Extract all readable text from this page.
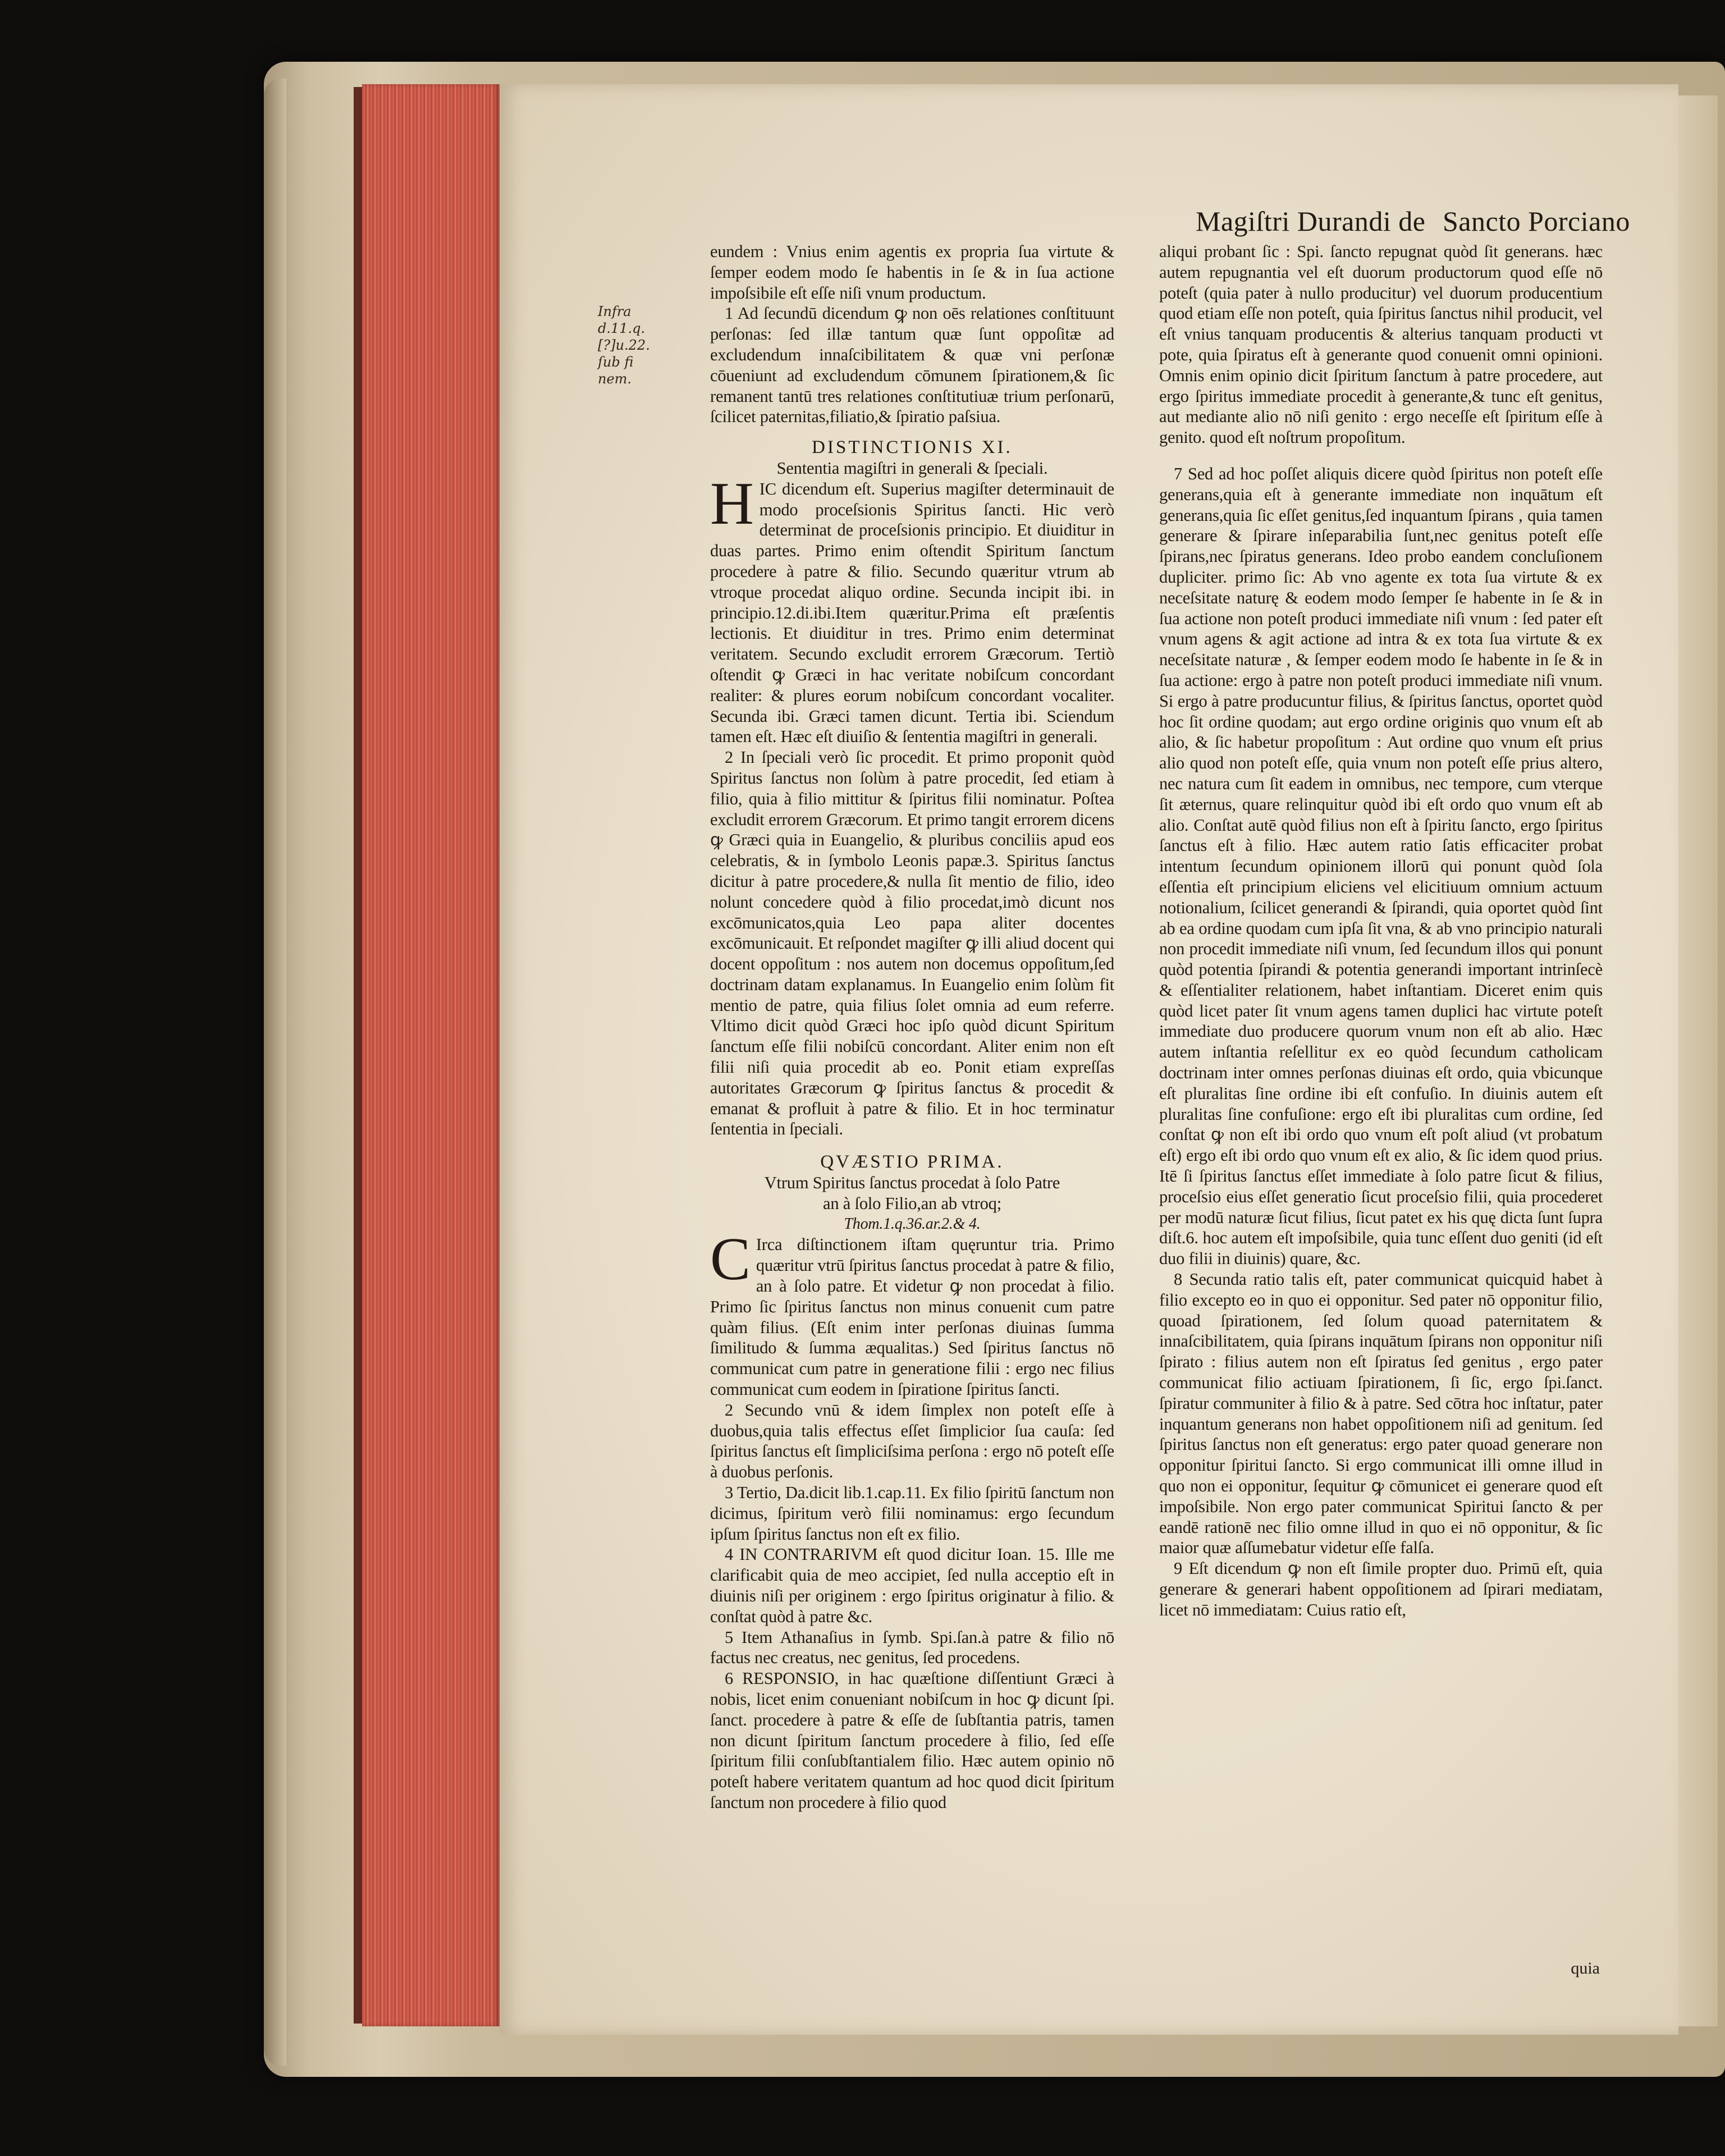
Magiſtri Durandi de Sancto Porciano
Infra d.11.q. [?]u.22. ſub fi nem.

eundem : Vnius enim agentis ex propria ſua virtute & ſemper eodem modo ſe habentis in ſe & in ſua actione impoſsibile eſt eſſe niſi vnum productum.

1 Ad ſecundū dicendum ꝙ non oēs relationes conſtituunt perſonas: ſed illæ tantum quæ ſunt oppoſitæ ad excludendum innaſcibilitatem & quæ vni perſonæ cōueniunt ad excludendum cōmunem ſpirationem,& ſic remanent tantū tres relationes conſtitutiuæ trium perſonarū, ſcilicet paternitas,filiatio,& ſpiratio paſsiua.

DISTINCTIONIS XI.
Sententia magiſtri in generali & ſpeciali.

HIC dicendum eſt. Superius magiſter determinauit de modo proceſsionis Spiritus ſancti. Hic verò determinat de proceſsionis principio. Et diuiditur in duas partes. Primo enim oſtendit Spiritum ſanctum procedere à patre & filio. Secundo quæritur vtrum ab vtroque procedat aliquo ordine. Secunda incipit ibi. in principio.12.di.ibi.Item quæritur.Prima eſt præſentis lectionis. Et diuiditur in tres. Primo enim determinat veritatem. Secundo excludit errorem Græcorum. Tertiò oſtendit ꝙ Græci in hac veritate nobiſcum concordant realiter: & plures eorum nobiſcum concordant vocaliter. Secunda ibi. Græci tamen dicunt. Tertia ibi. Sciendum tamen eſt. Hæc eſt diuiſio & ſententia magiſtri in generali.

2 In ſpeciali verò ſic procedit. Et primo proponit quòd Spiritus ſanctus non ſolùm à patre procedit, ſed etiam à filio, quia à filio mittitur & ſpiritus filii nominatur. Poſtea excludit errorem Græcorum. Et primo tangit errorem dicens ꝙ Græci quia in Euangelio, & pluribus conciliis apud eos celebratis, & in ſymbolo Leonis papæ.3. Spiritus ſanctus dicitur à patre procedere,& nulla ſit mentio de filio, ideo nolunt concedere quòd à filio procedat,imò dicunt nos excōmunicatos,quia Leo papa aliter docentes excōmunicauit. Et reſpondet magiſter ꝙ illi aliud docent qui docent oppoſitum : nos autem non docemus oppoſitum,ſed doctrinam datam explanamus. In Euangelio enim ſolùm fit mentio de patre, quia filius ſolet omnia ad eum referre. Vltimo dicit quòd Græci hoc ipſo quòd dicunt Spiritum ſanctum eſſe filii nobiſcū concordant. Aliter enim non eſt filii niſi quia procedit ab eo. Ponit etiam expreſſas autoritates Græcorum ꝙ ſpiritus ſanctus & procedit & emanat & profluit à patre & filio. Et in hoc terminatur ſententia in ſpeciali.

QVÆSTIO PRIMA.
Vtrum Spiritus ſanctus procedat à ſolo Patre
an à ſolo Filio,an ab vtroq;
Thom.1.q.36.ar.2.& 4.

C Irca diſtinctionem iſtam quęruntur tria. Primo quæritur vtrū ſpiritus ſanctus procedat à patre & filio, an à ſolo patre. Et videtur ꝙ non procedat à filio. Primo ſic ſpiritus ſanctus non minus conuenit cum patre quàm filius. (Eſt enim inter perſonas diuinas ſumma ſimilitudo & ſumma æqualitas.) Sed ſpiritus ſanctus nō communicat cum patre in generatione filii : ergo nec filius communicat cum eodem in ſpiratione ſpiritus ſancti.

2 Secundo vnū & idem ſimplex non poteſt eſſe à duobus,quia talis effectus eſſet ſimplicior ſua cauſa: ſed ſpiritus ſanctus eſt ſimpliciſsima perſona : ergo nō poteſt eſſe à duobus perſonis.

3 Tertio, Da.dicit lib.1.cap.11. Ex filio ſpiritū ſanctum non dicimus, ſpiritum verò filii nominamus: ergo ſecundum ipſum ſpiritus ſanctus non eſt ex filio.

4 IN CONTRARIVM eſt quod dicitur Ioan. 15. Ille me clarificabit quia de meo accipiet, ſed nulla acceptio eſt in diuinis niſi per originem : ergo ſpiritus originatur à filio. & conſtat quòd à patre &c.

5 Item Athanaſius in ſymb. Spi.ſan.à patre & filio nō factus nec creatus, nec genitus, ſed procedens.

6 RESPONSIO, in hac quæſtione diſſentiunt Græci à nobis, licet enim conueniant nobiſcum in hoc ꝙ dicunt ſpi. ſanct. procedere à patre & eſſe de ſubſtantia patris, tamen non dicunt ſpiritum ſanctum procedere à filio, ſed eſſe ſpiritum filii conſubſtantialem filio. Hæc autem opinio nō poteſt habere veritatem quantum ad hoc quod dicit ſpiritum ſanctum non procedere à filio quod

aliqui probant ſic : Spi. ſancto repugnat quòd ſit generans. hæc autem repugnantia vel eſt duorum productorum quod eſſe nō poteſt (quia pater à nullo producitur) vel duorum producentium quod etiam eſſe non poteſt, quia ſpiritus ſanctus nihil producit, vel eſt vnius tanquam producentis & alterius tanquam producti vt pote, quia ſpiratus eſt à generante quod conuenit omni opinioni. Omnis enim opinio dicit ſpiritum ſanctum à patre procedere, aut ergo ſpiritus immediate procedit à generante,& tunc eſt genitus, aut mediante alio nō niſi genito : ergo neceſſe eſt ſpiritum eſſe à genito. quod eſt noſtrum propoſitum.

7 Sed ad hoc poſſet aliquis dicere quòd ſpiritus non poteſt eſſe generans,quia eſt à generante immediate non inquātum eſt generans,quia ſic eſſet genitus,ſed inquantum ſpirans , quia tamen generare & ſpirare inſeparabilia ſunt,nec genitus poteſt eſſe ſpirans,nec ſpiratus generans. Ideo probo eandem concluſionem dupliciter. primo ſic: Ab vno agente ex tota ſua virtute & ex neceſsitate naturę & eodem modo ſemper ſe habente in ſe & in ſua actione non poteſt produci immediate niſi vnum : ſed pater eſt vnum agens & agit actione ad intra & ex tota ſua virtute & ex neceſsitate naturæ , & ſemper eodem modo ſe habente in ſe & in ſua actione: ergo à patre non poteſt produci immediate niſi vnum. Si ergo à patre producuntur filius, & ſpiritus ſanctus, oportet quòd hoc ſit ordine quodam; aut ergo ordine originis quo vnum eſt ab alio, & ſic habetur propoſitum : Aut ordine quo vnum eſt prius alio quod non poteſt eſſe, quia vnum non poteſt eſſe prius altero, nec natura cum ſit eadem in omnibus, nec tempore, cum vterque ſit æternus, quare relinquitur quòd ibi eſt ordo quo vnum eſt ab alio. Conſtat autē quòd filius non eſt à ſpiritu ſancto, ergo ſpiritus ſanctus eſt à filio. Hæc autem ratio ſatis efficaciter probat intentum ſecundum opinionem illorū qui ponunt quòd ſola eſſentia eſt principium eliciens vel elicitiuum omnium actuum notionalium, ſcilicet generandi & ſpirandi, quia oportet quòd ſint ab ea ordine quodam cum ipſa ſit vna, & ab vno principio naturali non procedit immediate niſi vnum, ſed ſecundum illos qui ponunt quòd potentia ſpirandi & potentia generandi important intrinſecè & eſſentialiter relationem, habet inſtantiam. Diceret enim quis quòd licet pater ſit vnum agens tamen duplici hac virtute poteſt immediate duo producere quorum vnum non eſt ab alio. Hæc autem inſtantia reſellitur ex eo quòd ſecundum catholicam doctrinam inter omnes perſonas diuinas eſt ordo, quia vbicunque eſt pluralitas ſine ordine ibi eſt confuſio. In diuinis autem eſt pluralitas ſine confuſione: ergo eſt ibi pluralitas cum ordine, ſed conſtat ꝙ non eſt ibi ordo quo vnum eſt poſt aliud (vt probatum eſt) ergo eſt ibi ordo quo vnum eſt ex alio, & ſic idem quod prius. Itē ſi ſpiritus ſanctus eſſet immediate à ſolo patre ſicut & filius, proceſsio eius eſſet generatio ſicut proceſsio filii, quia procederet per modū naturæ ſicut filius, ſicut patet ex his quę dicta ſunt ſupra diſt.6. hoc autem eſt impoſsibile, quia tunc eſſent duo geniti (id eſt duo filii in diuinis) quare, &c.

8 Secunda ratio talis eſt, pater communicat quicquid habet à filio excepto eo in quo ei opponitur. Sed pater nō opponitur filio, quoad ſpirationem, ſed ſolum quoad paternitatem & innaſcibilitatem, quia ſpirans inquātum ſpirans non opponitur niſi ſpirato : filius autem non eſt ſpiratus ſed genitus , ergo pater communicat filio actiuam ſpirationem, ſi ſic, ergo ſpi.ſanct. ſpiratur communiter à filio & à patre. Sed cōtra hoc inſtatur, pater inquantum generans non habet oppoſitionem niſi ad genitum. ſed ſpiritus ſanctus non eſt generatus: ergo pater quoad generare non opponitur ſpiritui ſancto. Si ergo communicat illi omne illud in quo non ei opponitur, ſequitur ꝙ cōmunicet ei generare quod eſt impoſsibile. Non ergo pater communicat Spiritui ſancto & per eandē rationē nec filio omne illud in quo ei nō opponitur, & ſic maior quæ aſſumebatur videtur eſſe falſa.

9 Eſt dicendum ꝙ non eſt ſimile propter duo. Primū eſt, quia generare & generari habent oppoſitionem ad ſpirari mediatam, licet nō immediatam: Cuius ratio eſt,

quia
